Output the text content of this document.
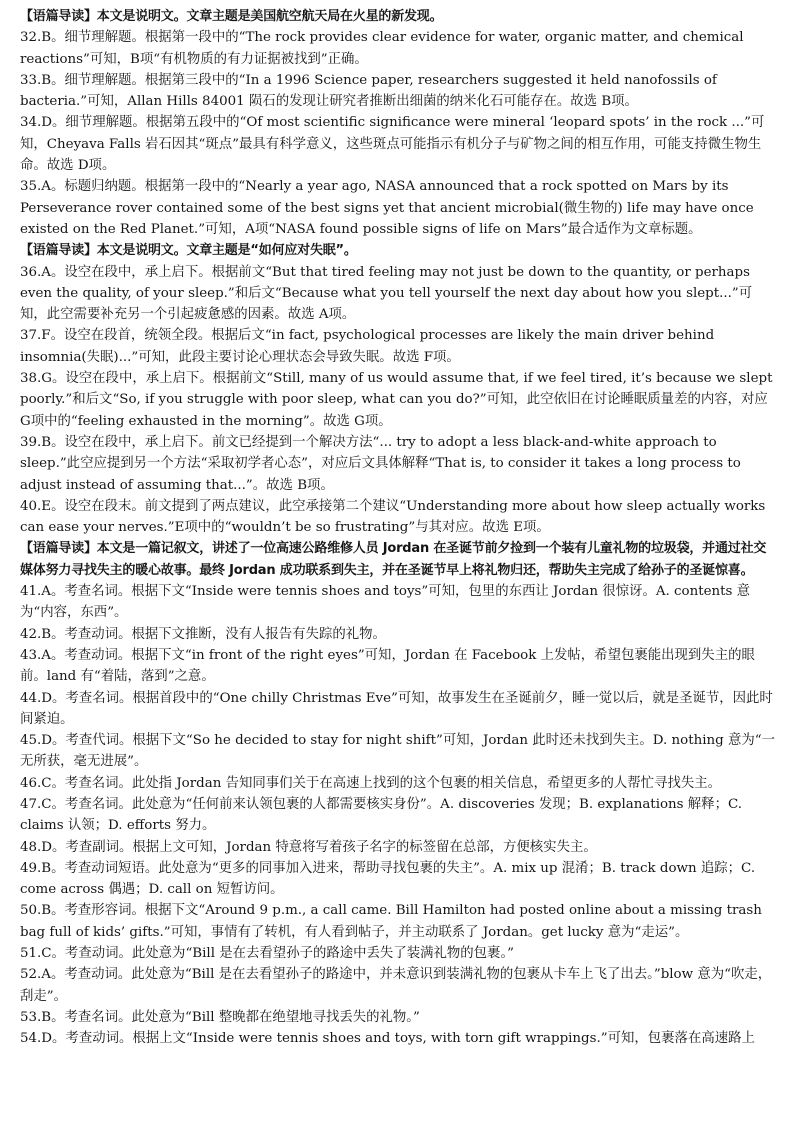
【语篇导读】本文是说明文。文章主题是美国航空航天局在火星的新发现。
32.B。细节理解题。根据第一段中的“The rock provides clear evidence for water, organic matter, and chemical reactions”可知，B项“有机物质的有力证据被找到”正确。
33.B。细节理解题。根据第三段中的“In a 1996 Science paper, researchers suggested it held nanofossils of bacteria.”可知，Allan Hills 84001 陨石的发现让研究者推断出细菌的纳米化石可能存在。故选 B项。
34.D。细节理解题。根据第五段中的“Of most scientific significance were mineral ‘leopard spots’ in the rock ...”可知，Cheyava Falls 岩石因其“斑点”最具有科学意义，这些斑点可能指示有机分子与矿物之间的相互作用，可能支持微生物生命。故选 D项。
35.A。标题归纳题。根据第一段中的“Nearly a year ago, NASA announced that a rock spotted on Mars by its Perseverance rover contained some of the best signs yet that ancient microbial(微生物的) life may have once existed on the Red Planet.”可知，A项“NASA found possible signs of life on Mars”最合适作为文章标题。
【语篇导读】本文是说明文。文章主题是“如何应对失眠”。
36.A。设空在段中，承上启下。根据前文“But that tired feeling may not just be down to the quantity, or perhaps even the quality, of your sleep.”和后文“Because what you tell yourself the next day about how you slept...”可知，此空需要补充另一个引起疲惫感的因素。故选 A项。
37.F。设空在段首，统领全段。根据后文“in fact, psychological processes are likely the main driver behind insomnia(失眠)...”可知，此段主要讨论心理状态会导致失眠。故选 F项。
38.G。设空在段中，承上启下。根据前文“Still, many of us would assume that, if we feel tired, it’s because we slept poorly.”和后文“So, if you struggle with poor sleep, what can you do?”可知，此空依旧在讨论睡眠质量差的内容，对应 G项中的“feeling exhausted in the morning”。故选 G项。
39.B。设空在段中，承上启下。前文已经提到一个解决方法“... try to adopt a less black-and-white approach to sleep.”此空应提到另一个方法“采取初学者心态”，对应后文具体解释“That is, to consider it takes a long process to adjust instead of assuming that...”。故选 B项。
40.E。设空在段末。前文提到了两点建议，此空承接第二个建议“Understanding more about how sleep actually works can ease your nerves.”E项中的“wouldn’t be so frustrating”与其对应。故选 E项。
【语篇导读】本文是一篇记叙文，讲述了一位高速公路维修人员 Jordan 在圣诞节前夕捡到一个装有儿童礼物的垃圾袋，并通过社交媒体努力寻找失主的暖心故事。最终 Jordan 成功联系到失主，并在圣诞节早上将礼物归还，帮助失主完成了给孙子的圣诞惊喜。
41.A。考查名词。根据下文“Inside were tennis shoes and toys”可知，包里的东西让 Jordan 很惊讶。A. contents 意为“内容，东西”。
42.B。考查动词。根据下文推断，没有人报告有失踪的礼物。
43.A。考查动词。根据下文“in front of the right eyes”可知，Jordan 在 Facebook 上发帖，希望包裹能出现到失主的眼前。land 有“着陆，落到”之意。
44.D。考查名词。根据首段中的“One chilly Christmas Eve”可知，故事发生在圣诞前夕，睡一觉以后，就是圣诞节，因此时间紧迫。
45.D。考查代词。根据下文“So he decided to stay for night shift”可知，Jordan 此时还未找到失主。D. nothing 意为“一无所获，毫无进展”。
46.C。考查名词。此处指 Jordan 告知同事们关于在高速上找到的这个包裹的相关信息，希望更多的人帮忙寻找失主。
47.C。考查名词。此处意为“任何前来认领包裹的人都需要核实身份”。A. discoveries 发现；B. explanations 解释；C. claims 认领；D. efforts 努力。
48.D。考查副词。根据上文可知，Jordan 特意将写着孩子名字的标签留在总部，方便核实失主。
49.B。考查动词短语。此处意为“更多的同事加入进来，帮助寻找包裹的失主”。A. mix up 混淆；B. track down 追踪；C. come across 偶遇；D. call on 短暂访问。
50.B。考查形容词。根据下文“Around 9 p.m., a call came. Bill Hamilton had posted online about a missing trash bag full of kids’ gifts.”可知，事情有了转机，有人看到帖子，并主动联系了 Jordan。get lucky 意为“走运”。
51.C。考查动词。此处意为“Bill 是在去看望孙子的路途中丢失了装满礼物的包裹。”
52.A。考查动词。此处意为“Bill 是在去看望孙子的路途中，并未意识到装满礼物的包裹从卡车上飞了出去。”blow 意为“吹走，刮走”。
53.B。考查名词。此处意为“Bill 整晚都在绝望地寻找丢失的礼物。”
54.D。考查动词。根据上文“Inside were tennis shoes and toys, with torn gift wrappings.”可知，包裹落在高速路上
